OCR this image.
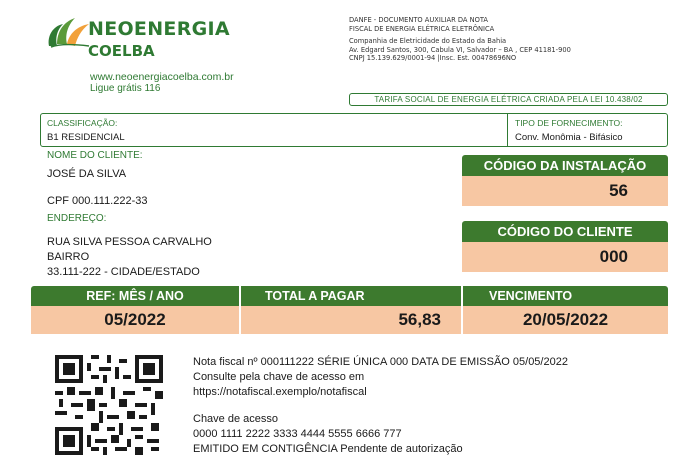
NEOENERGIA
COELBA
www.neoenergiacoelba.com.br
Ligue grátis 116
DANFE - DOCUMENTO AUXILIAR DA NOTA
FISCAL DE ENERGIA ELÉTRICA ELETRÔNICA
Companhia de Eletricidade do Estado da Bahia
Av. Edgard Santos, 300, Cabula VI, Salvador – BA , CEP 41181-900
CNPJ 15.139.629/0001-94 |Insc. Est. 00478696NO
TARIFA SOCIAL DE ENERGIA ELÉTRICA CRIADA PELA LEI 10.438/02
CLASSIFICAÇÃO:
B1 RESIDENCIAL
TIPO DE FORNECIMENTO:
Conv. Monômia - Bifásico
NOME DO CLIENTE:
JOSÉ DA SILVA
CPF 000.111.222-33
ENDEREÇO:
RUA SILVA PESSOA CARVALHO
BAIRRO
33.111-222 - CIDADE/ESTADO
CÓDIGO DA INSTALAÇÃO
56
CÓDIGO DO CLIENTE
000
REF: MÊS / ANO	TOTAL A PAGAR	VENCIMENTO
05/2022	56,83	20/05/2022
Nota fiscal nº 000111222 SÉRIE ÚNICA 000 DATA DE EMISSÃO 05/05/2022
Consulte pela chave de acesso em
https://notafiscal.exemplo/notafiscal
Chave de acesso
0000 1111 2222 3333 4444 5555 6666 777
EMITIDO EM CONTIGÊNCIA Pendente de autorização
